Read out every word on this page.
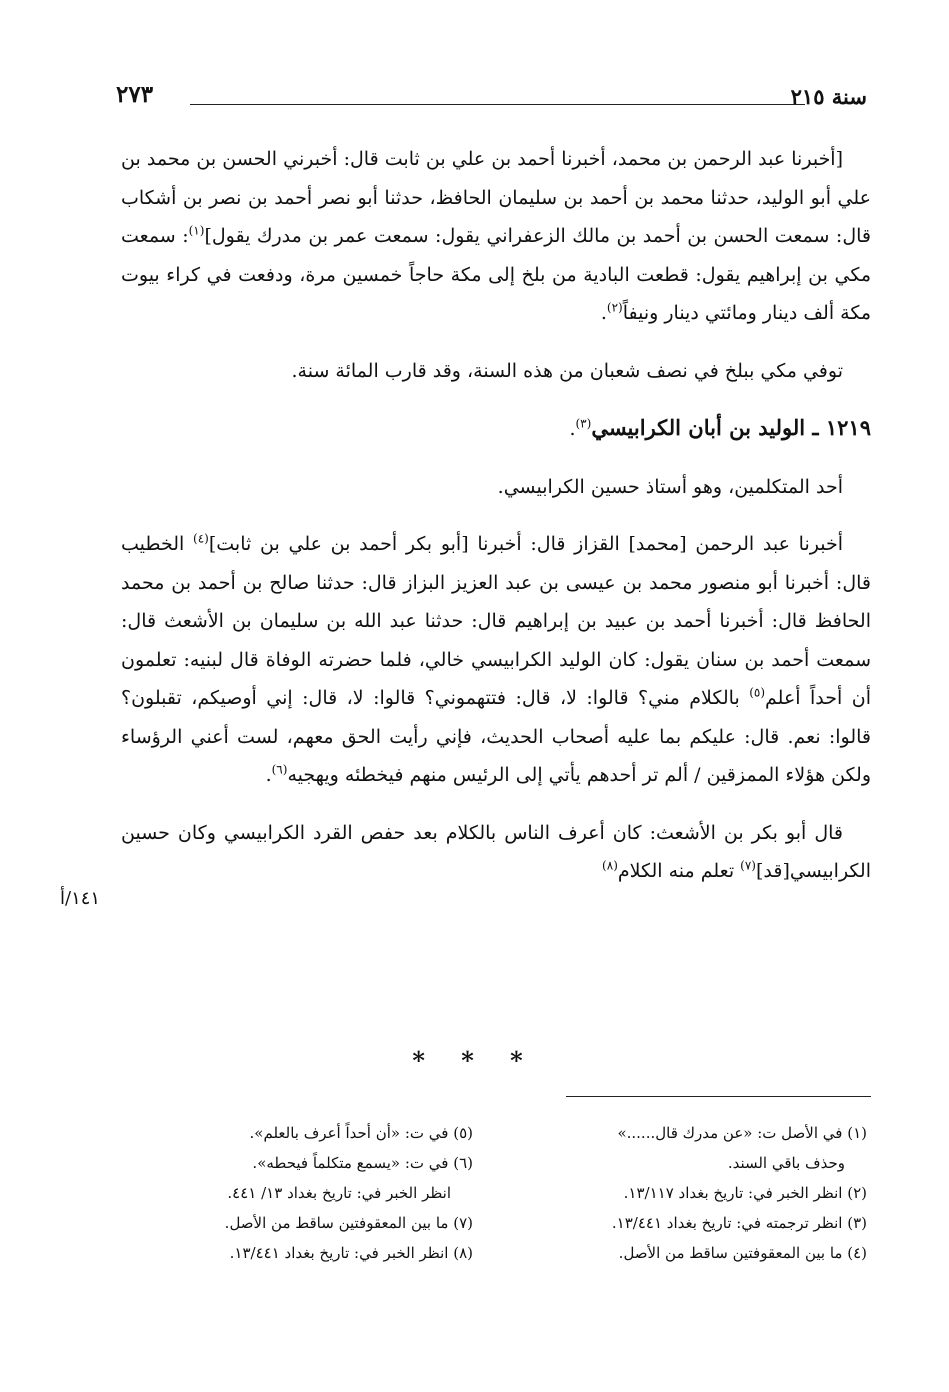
سنة ٢١٥
٢٧٣

[أخبرنا عبد الرحمن بن محمد، أخبرنا أحمد بن علي بن ثابت قال: أخبرني الحسن بن محمد بن علي أبو الوليد، حدثنا محمد بن أحمد بن سليمان الحافظ، حدثنا أبو نصر أحمد بن نصر بن أشكاب قال: سمعت الحسن بن أحمد بن مالك الزعفراني يقول: سمعت عمر بن مدرك يقول]$^{(١)}$: سمعت مكي بن إبراهيم يقول: قطعت البادية من بلخ إلى مكة حاجاً خمسين مرة، ودفعت في كراء بيوت مكة ألف دينار ومائتي دينار ونيفاً$^{(٢)}$.

توفي مكي ببلخ في نصف شعبان من هذه السنة، وقد قارب المائة سنة.

١٢١٩ ـ الوليد بن أبان الكرابيسي$^{(٣)}$.

أحد المتكلمين، وهو أستاذ حسين الكرابيسي.

أخبرنا عبد الرحمن [محمد] القزاز قال: أخبرنا [أبو بكر أحمد بن علي بن ثابت]$^{(٤)}$ الخطيب قال: أخبرنا أبو منصور محمد بن عيسى بن عبد العزيز البزاز قال: حدثنا صالح بن أحمد بن محمد الحافظ قال: أخبرنا أحمد بن عبيد بن إبراهيم قال: حدثنا عبد الله بن سليمان بن الأشعث قال: سمعت أحمد بن سنان يقول: كان الوليد الكرابيسي خالي، فلما حضرته الوفاة قال لبنيه: تعلمون أن أحداً أعلم$^{(٥)}$ بالكلام مني؟ قالوا: لا، قال: فتتهموني؟ قالوا: لا، قال: إني أوصيكم، تقبلون؟ قالوا: نعم. قال: عليكم بما عليه أصحاب الحديث، فإني رأيت الحق معهم، لست أعني الرؤساء ولكن هؤلاء الممزقين / ألم تر أحدهم يأتي إلى الرئيس منهم فيخطئه ويهجيه$^{(٦)}$.

قال أبو بكر بن الأشعث: كان أعرف الناس بالكلام بعد حفص القرد الكرابيسي وكان حسين الكرابيسي[قد]$^{(٧)}$ تعلم منه الكلام$^{(٨)}$

١٤١/أ
* * *
(١) في الأصل ت: «عن مدرك قال......»
وحذف باقي السند.
(٢) انظر الخبر في: تاريخ بغداد ١٣/١١٧.
(٣) انظر ترجمته في: تاريخ بغداد ١٣/٤٤١.
(٤) ما بين المعقوفتين ساقط من الأصل.
(٥) في ت: «أن أحداً أعرف بالعلم».
(٦) في ت: «يسمع متكلماً فيحطه».
انظر الخبر في: تاريخ بغداد ١٣/ ٤٤١.
(٧) ما بين المعقوفتين ساقط من الأصل.
(٨) انظر الخبر في: تاريخ بغداد ١٣/٤٤١.
